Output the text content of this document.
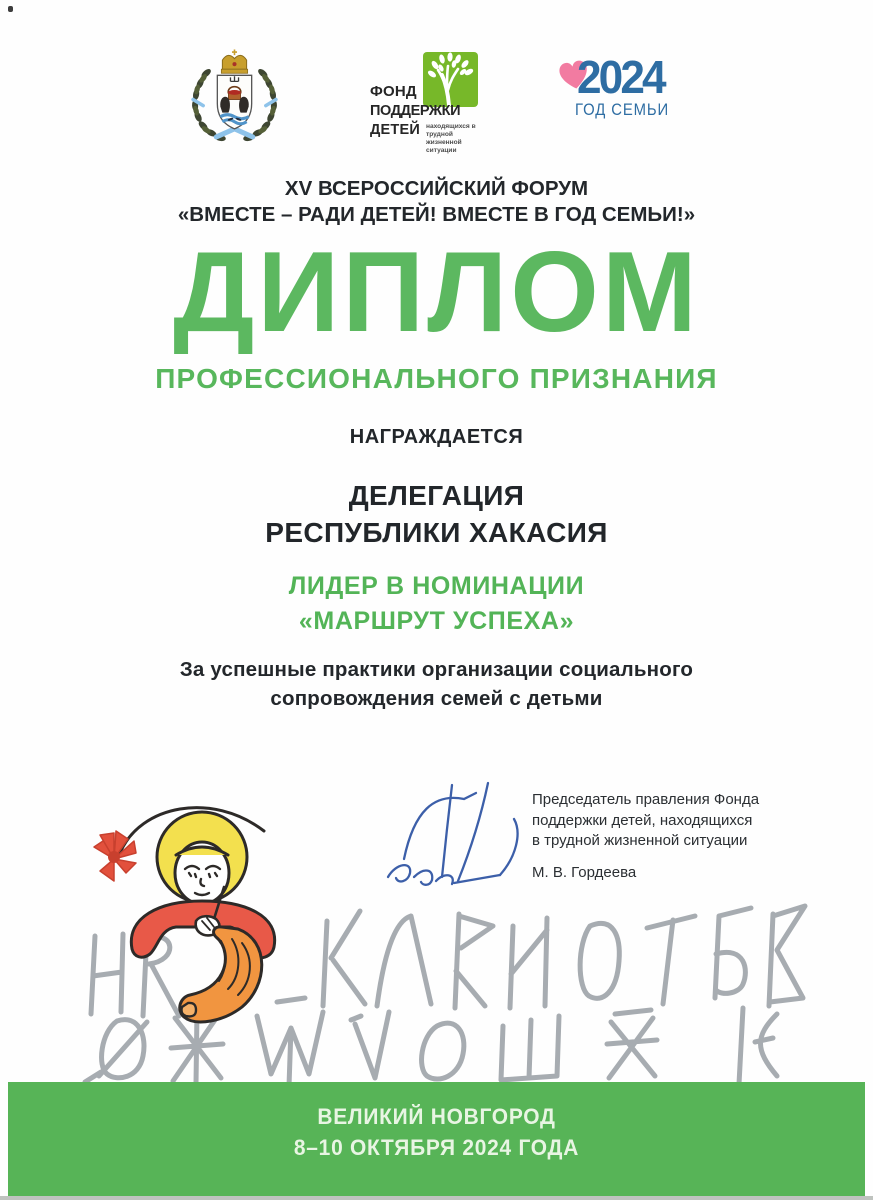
ФОНД
ПОДДЕРЖКИ
ДЕТЕЙ находящихся в трудной жизненной ситуации
2024
ГОД СЕМЬИ
XV ВСЕРОССИЙСКИЙ ФОРУМ
«ВМЕСТЕ – РАДИ ДЕТЕЙ! ВМЕСТЕ В ГОД СЕМЬИ!»
ДИПЛОМ
ПРОФЕССИОНАЛЬНОГО ПРИЗНАНИЯ
НАГРАЖДАЕТСЯ
ДЕЛЕГАЦИЯ
РЕСПУБЛИКИ ХАКАСИЯ
ЛИДЕР В НОМИНАЦИИ
«МАРШРУТ УСПЕХА»
За успешные практики организации социального
сопровождения семей с детьми
Председатель правления Фонда
поддержки детей, находящихся
в трудной жизненной ситуации
М. В. Гордеева
ВЕЛИКИЙ НОВГОРОД
8–10 ОКТЯБРЯ 2024 ГОДА
